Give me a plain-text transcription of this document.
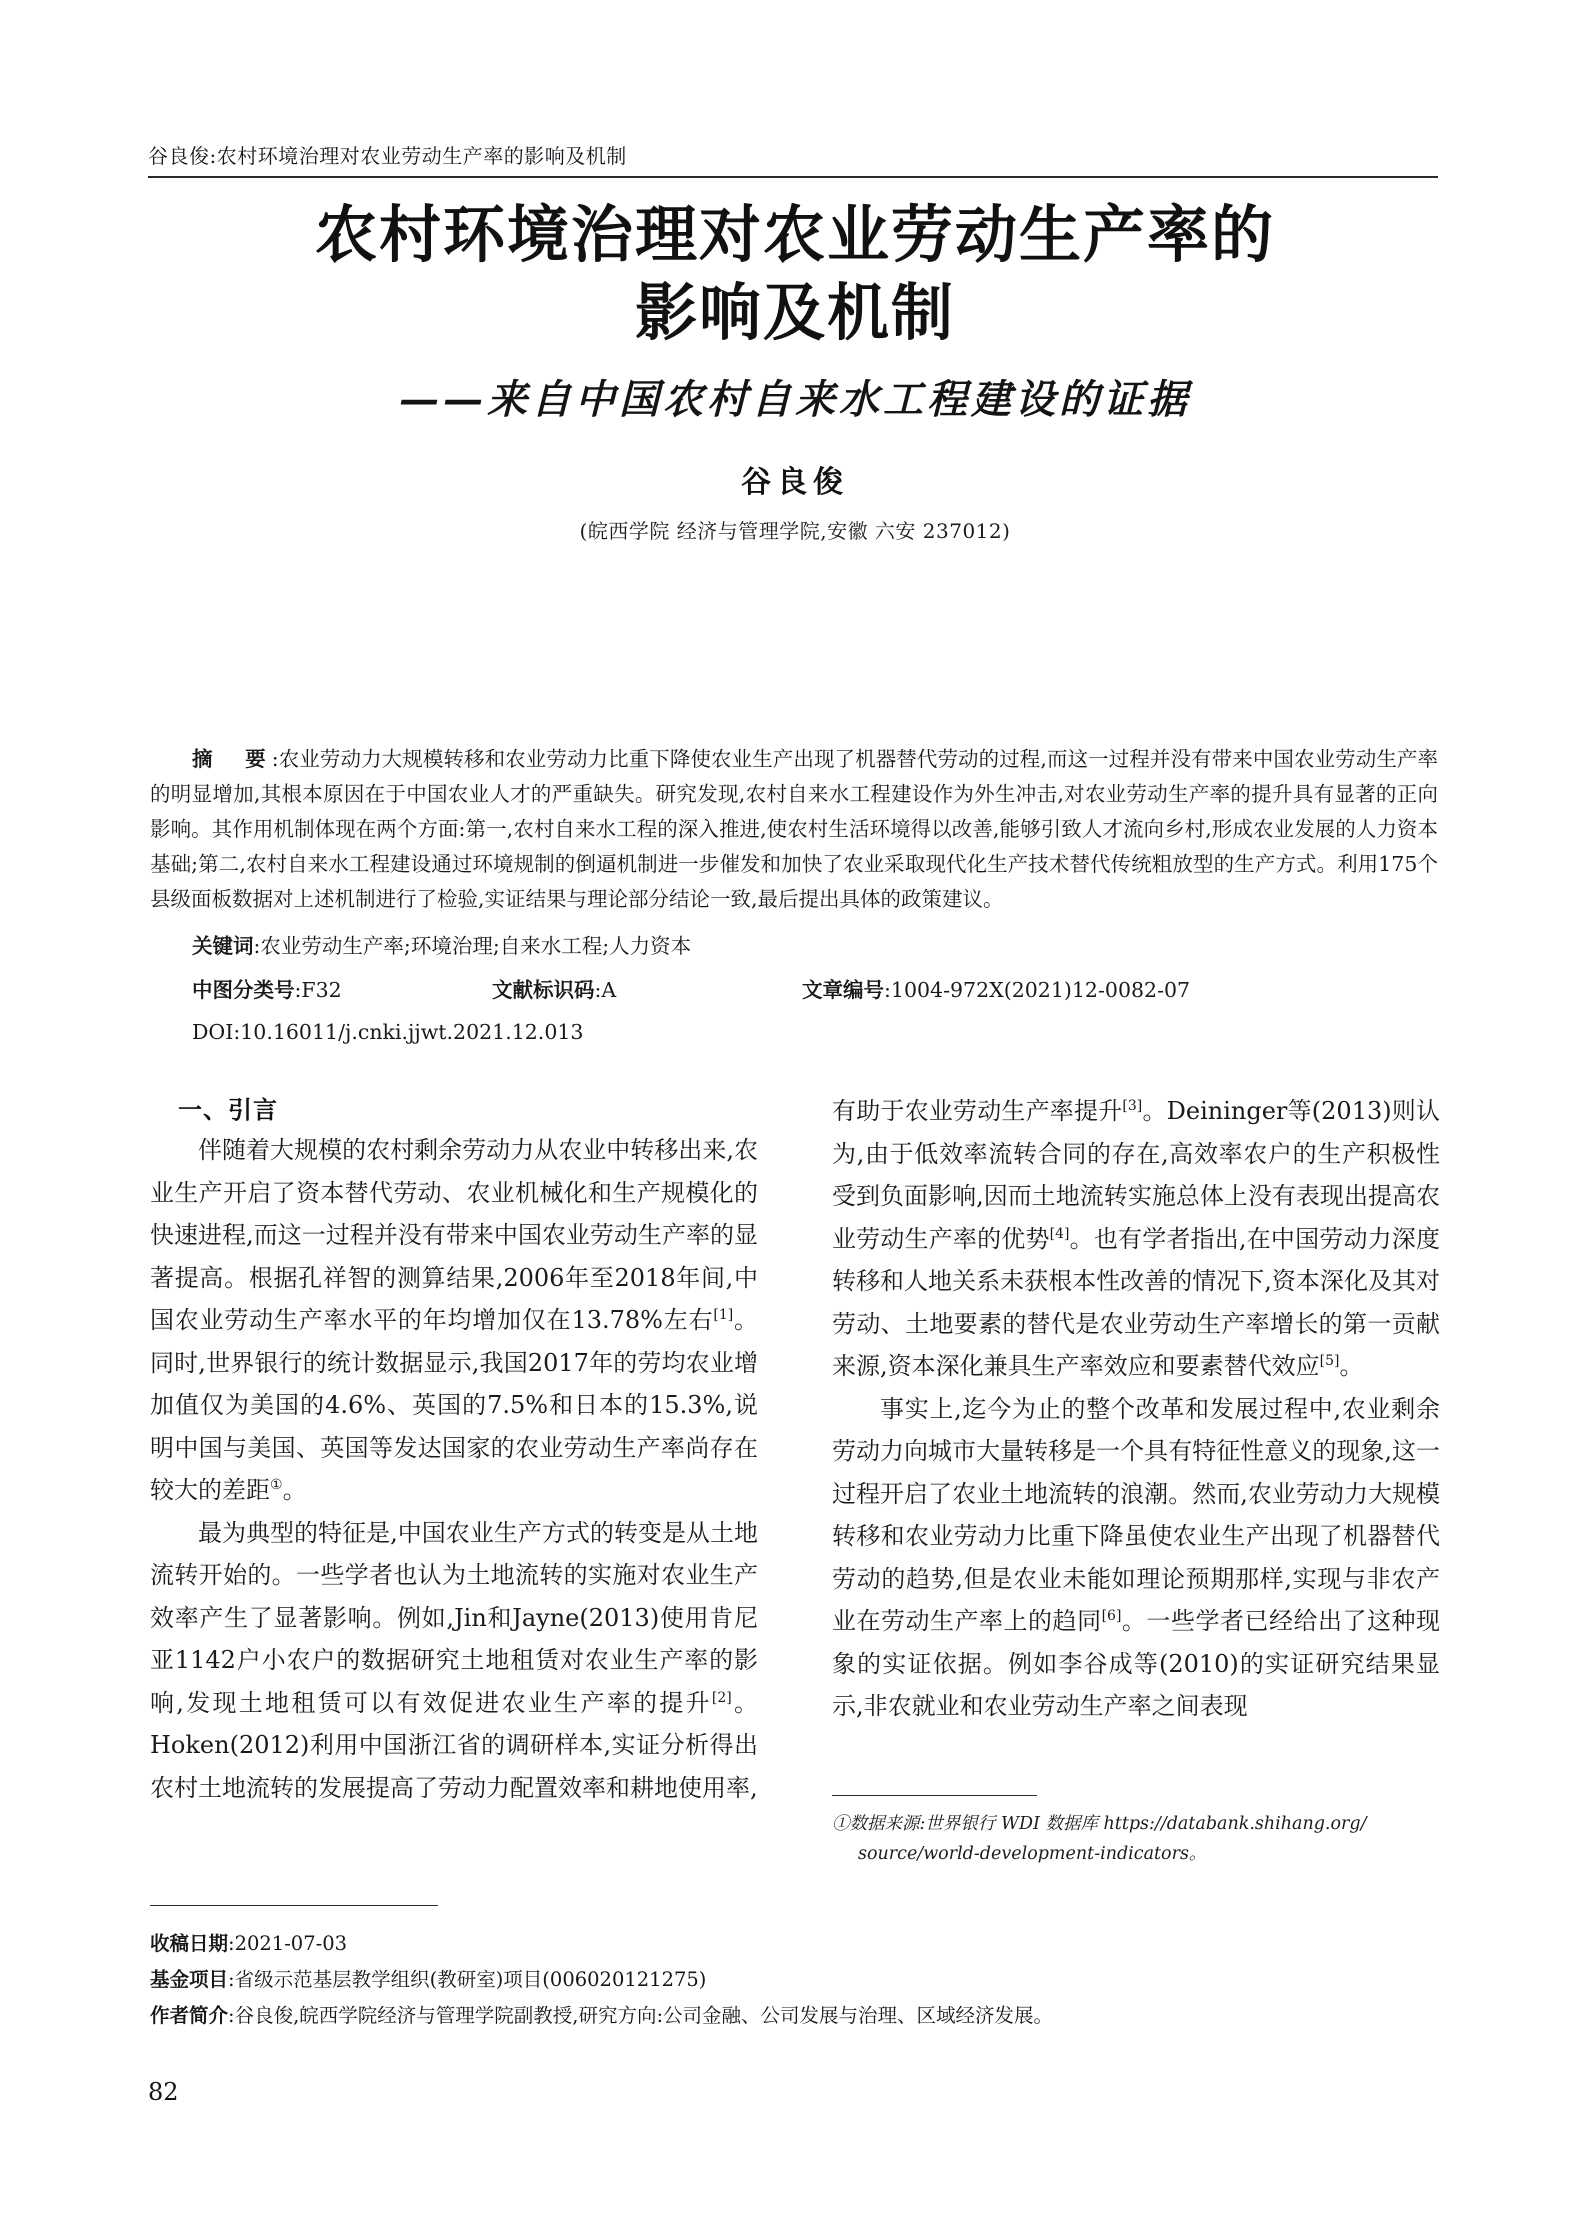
谷良俊:农村环境治理对农业劳动生产率的影响及机制
农村环境治理对农业劳动生产率的
影响及机制
——来自中国农村自来水工程建设的证据
谷良俊
(皖西学院 经济与管理学院,安徽 六安 237012)
摘　要:农业劳动力大规模转移和农业劳动力比重下降使农业生产出现了机器替代劳动的过程,而这一过程并没有带来中国农业劳动生产率的明显增加,其根本原因在于中国农业人才的严重缺失。研究发现,农村自来水工程建设作为外生冲击,对农业劳动生产率的提升具有显著的正向影响。其作用机制体现在两个方面:第一,农村自来水工程的深入推进,使农村生活环境得以改善,能够引致人才流向乡村,形成农业发展的人力资本基础;第二,农村自来水工程建设通过环境规制的倒逼机制进一步催发和加快了农业采取现代化生产技术替代传统粗放型的生产方式。利用175个县级面板数据对上述机制进行了检验,实证结果与理论部分结论一致,最后提出具体的政策建议。
关键词:农业劳动生产率;环境治理;自来水工程;人力资本
中图分类号:F32	文献标识码:A	文章编号:1004-972X(2021)12-0082-07
DOI:10.16011/j.cnki.jjwt.2021.12.013
一、引言

伴随着大规模的农村剩余劳动力从农业中转移出来,农业生产开启了资本替代劳动、农业机械化和生产规模化的快速进程,而这一过程并没有带来中国农业劳动生产率的显著提高。根据孔祥智的测算结果,2006年至2018年间,中国农业劳动生产率水平的年均增加仅在13.78%左右[1]。同时,世界银行的统计数据显示,我国2017年的劳均农业增加值仅为美国的4.6%、英国的7.5%和日本的15.3%,说明中国与美国、英国等发达国家的农业劳动生产率尚存在较大的差距①。

最为典型的特征是,中国农业生产方式的转变是从土地流转开始的。一些学者也认为土地流转的实施对农业生产效率产生了显著影响。例如,Jin和Jayne(2013)使用肯尼亚1142户小农户的数据研究土地租赁对农业生产率的影响,发现土地租赁可以有效促进农业生产率的提升[2]。Hoken(2012)利用中国浙江省的调研样本,实证分析得出农村土地流转的发展提高了劳动力配置效率和耕地使用率,

有助于农业劳动生产率提升[3]。Deininger等(2013)则认为,由于低效率流转合同的存在,高效率农户的生产积极性受到负面影响,因而土地流转实施总体上没有表现出提高农业劳动生产率的优势[4]。也有学者指出,在中国劳动力深度转移和人地关系未获根本性改善的情况下,资本深化及其对劳动、土地要素的替代是农业劳动生产率增长的第一贡献来源,资本深化兼具生产率效应和要素替代效应[5]。

事实上,迄今为止的整个改革和发展过程中,农业剩余劳动力向城市大量转移是一个具有特征性意义的现象,这一过程开启了农业土地流转的浪潮。然而,农业劳动力大规模转移和农业劳动力比重下降虽使农业生产出现了机器替代劳动的趋势,但是农业未能如理论预期那样,实现与非农产业在劳动生产率上的趋同[6]。一些学者已经给出了这种现象的实证依据。例如李谷成等(2010)的实证研究结果显示,非农就业和农业劳动生产率之间表现

①数据来源:世界银行 WDI 数据库 https://databank.shihang.org/
source/world-development-indicators。
收稿日期:2021-07-03
基金项目:省级示范基层教学组织(教研室)项目(006020121275)
作者简介:谷良俊,皖西学院经济与管理学院副教授,研究方向:公司金融、公司发展与治理、区域经济发展。
82
